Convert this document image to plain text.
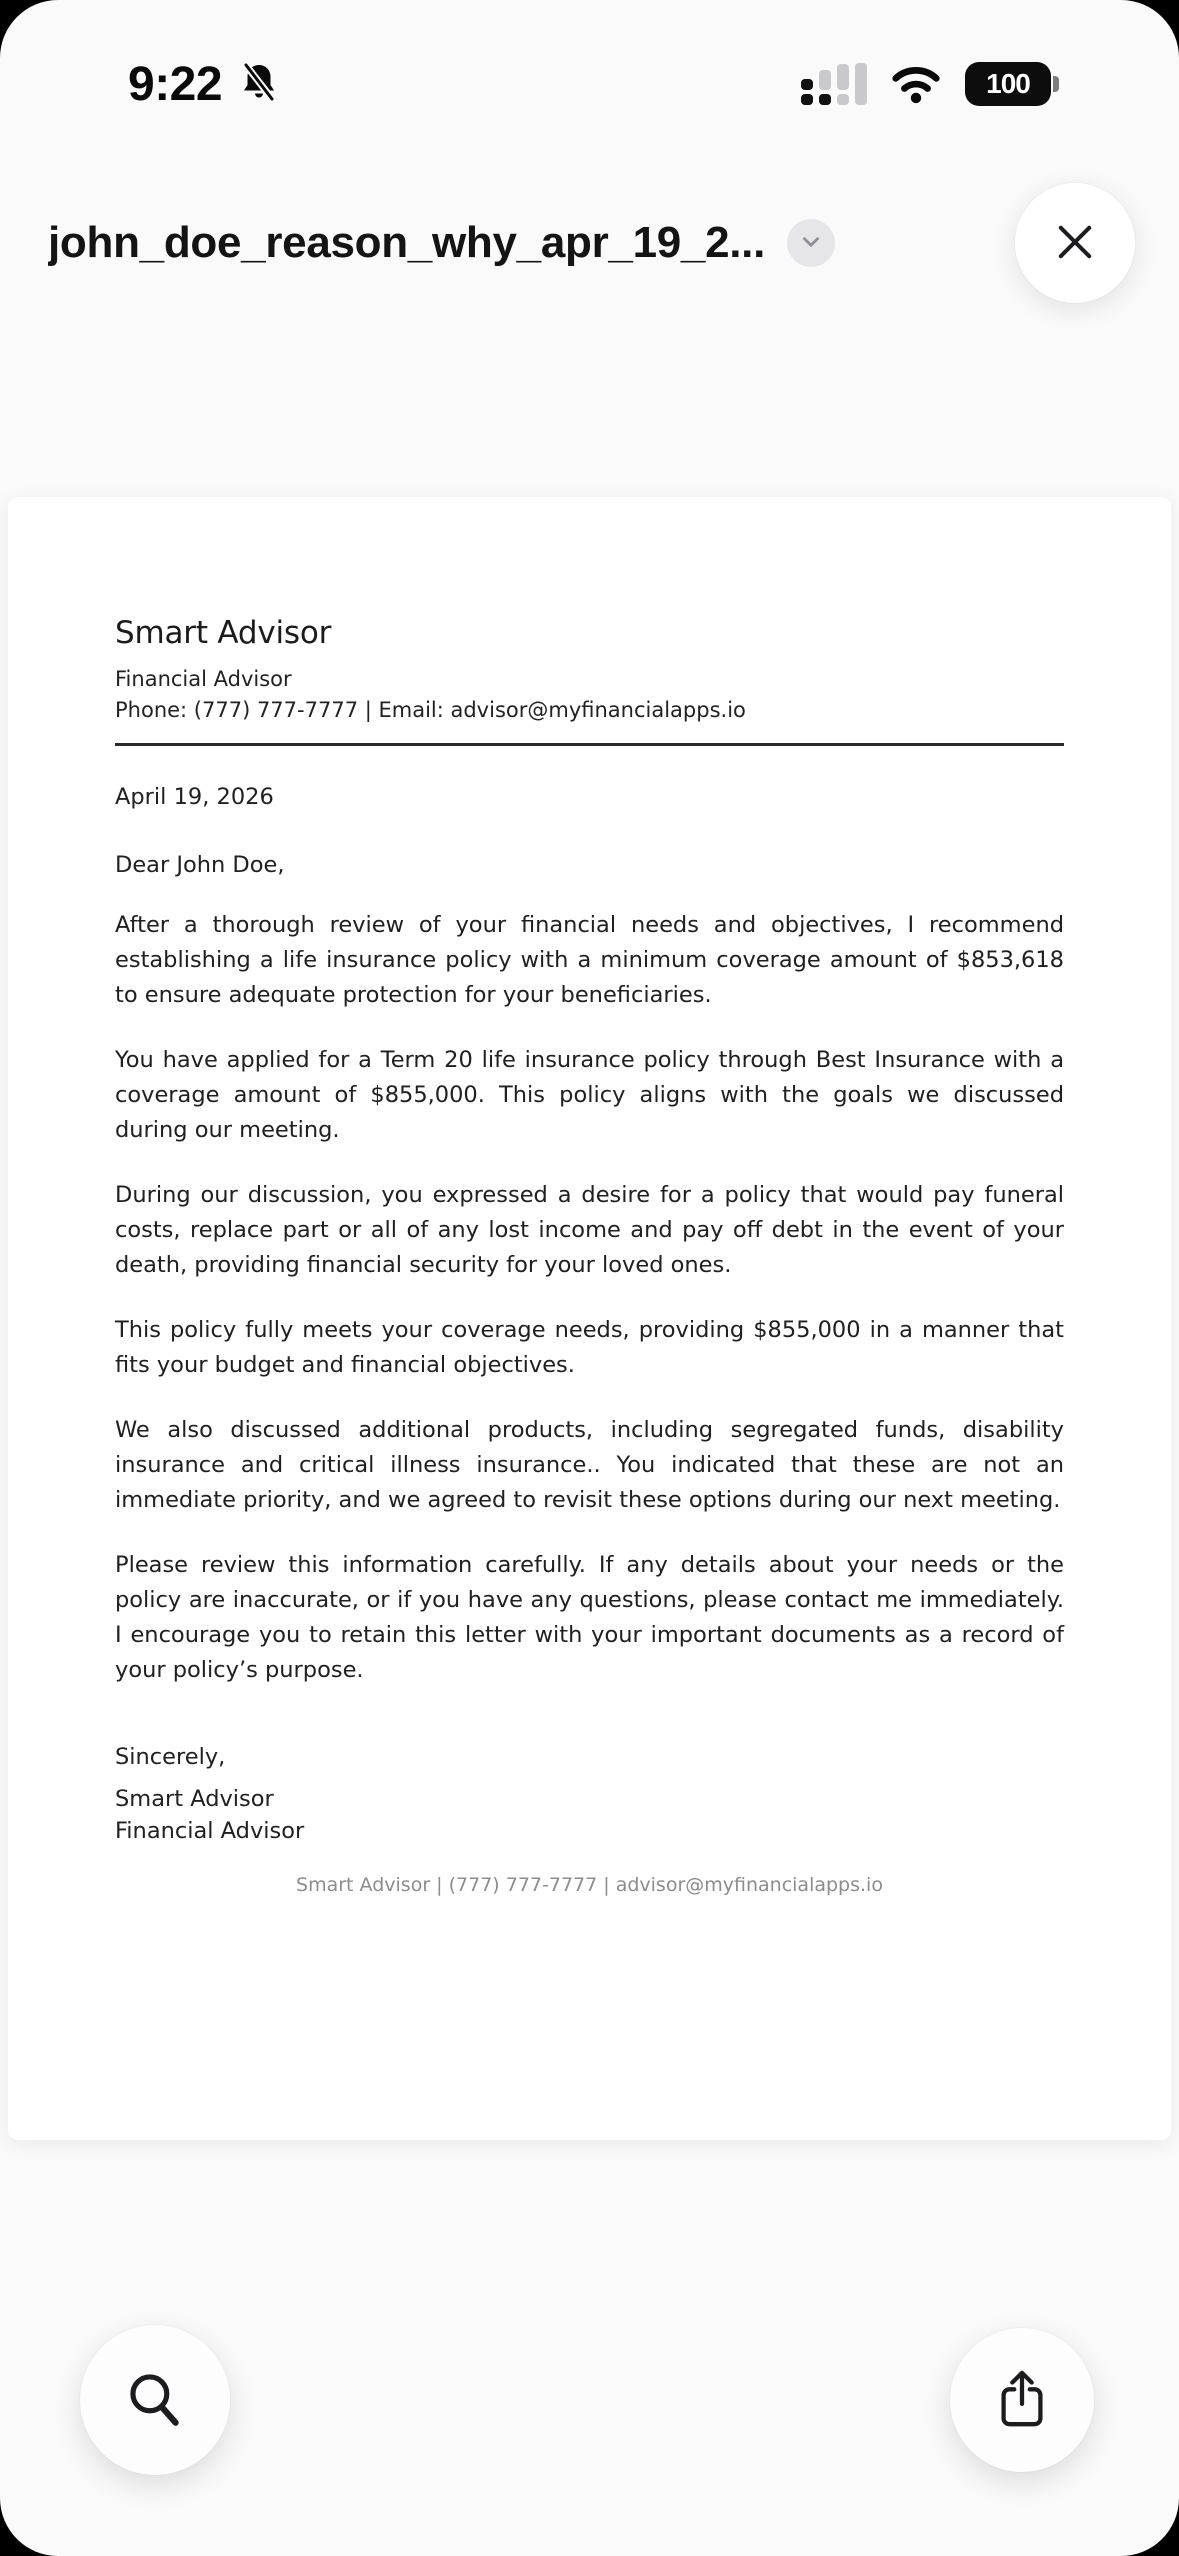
9:22	100
john_doe_reason_why_apr_19_2...
Smart Advisor
Financial Advisor
Phone: (777) 777-7777 | Email: advisor@myfinancialapps.io
April 19, 2026
Dear John Doe,

After a thorough review of your financial needs and objectives, I recommend establishing a life insurance policy with a minimum coverage amount of $853,618 to ensure adequate protection for your beneficiaries.

You have applied for a Term 20 life insurance policy through Best Insurance with a coverage amount of $855,000. This policy aligns with the goals we discussed during our meeting.

During our discussion, you expressed a desire for a policy that would pay funeral costs, replace part or all of any lost income and pay off debt in the event of your death, providing financial security for your loved ones.

This policy fully meets your coverage needs, providing $855,000 in a manner that fits your budget and financial objectives.

We also discussed additional products, including segregated funds, disability insurance and critical illness insurance.. You indicated that these are not an immediate priority, and we agreed to revisit these options during our next meeting.

Please review this information carefully. If any details about your needs or the policy are inaccurate, or if you have any questions, please contact me immediately. I encourage you to retain this letter with your important documents as a record of your policy’s purpose.

Sincerely,
Smart Advisor
Financial Advisor
Smart Advisor | (777) 777-7777 | advisor@myfinancialapps.io
